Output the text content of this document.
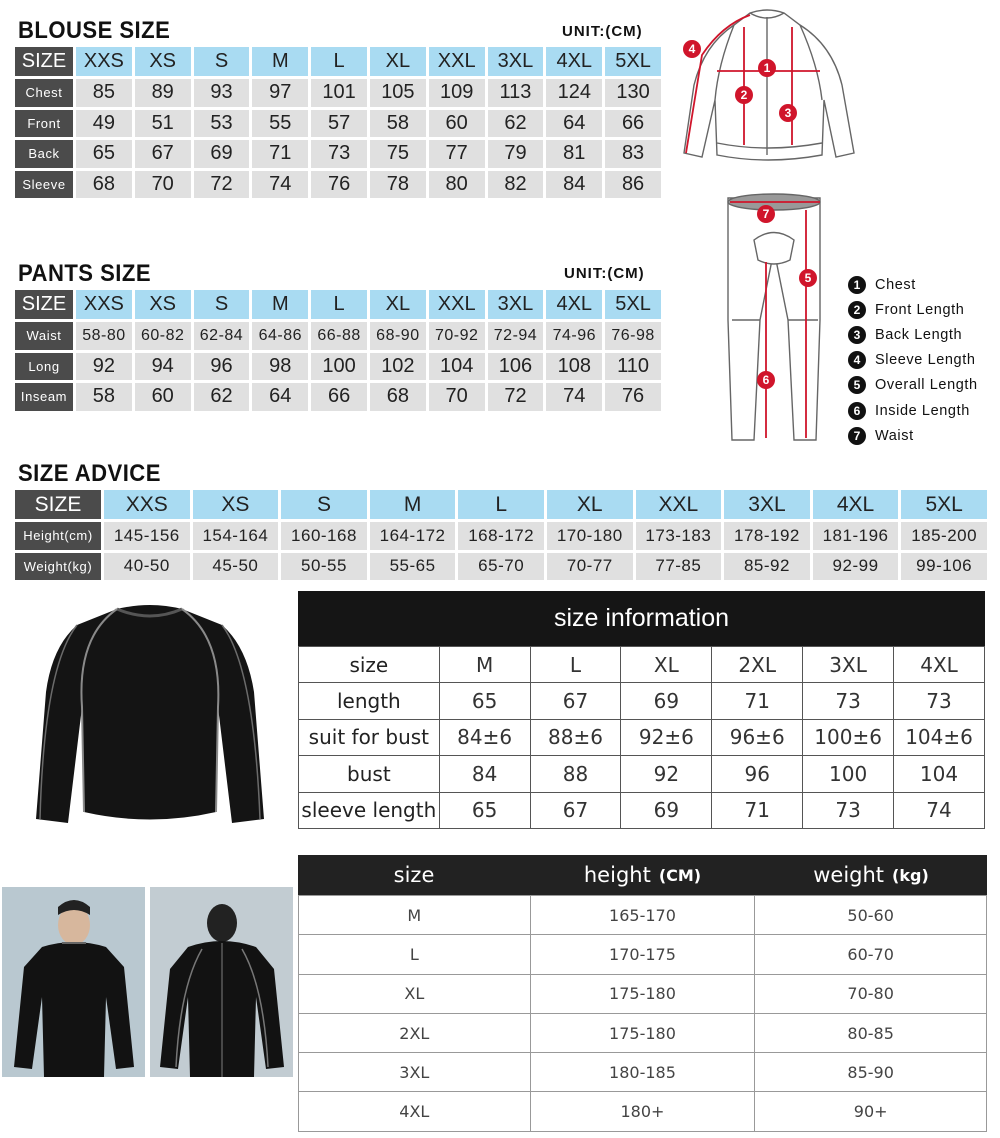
BLOUSE SIZE	UNIT:(CM)
SIZE XXS	XS	S	M	L	XL	XXL	3XL	4XL	5XL
Chest	85	89	93	97	101	105	109	113	124	130
Front	49	51	53	55	57	58	60	62	64	66
Back	65	67	69	71	73	75	77	79	81	83
Sleeve	68	70	72	74	76	78	80	82	84	86
PANTS SIZE	UNIT:(CM)
SIZE XXS	XS	S	M	L	XL	XXL	3XL	4XL	5XL
Waist	58-80 60-82 62-84 64-86 66-88 68-90 70-92 72-94 74-96 76-98
Long	92	94	96	98	100	102	104	106	108	110
Inseam	58	60	62	64	66	68	70	72	74	76
SIZE ADVICE
SIZE	XXS	XS	S	M	L	XL	XXL	3XL	4XL	5XL
Height(cm)	145-156	154-164	160-168	164-172	168-172	170-180	173-183	178-192	181-196	185-200
Weight(kg)	40-50	45-50	50-55	55-65	65-70	70-77	77-85	85-92	92-99	99-106
1
2
3
4
5
6
7
1	Chest
2	Front Length
3	Back Length
4	Sleeve Length
5	Overall Length
6	Inside Length
7	Waist
size information
size	M	L	XL	2XL	3XL	4XL
length	65	67	69	71	73	73
suit for bust	84±6	88±6	92±6	96±6	100±6	104±6
bust	84	88	92	96	100	104
sleeve length	65	67	69	71	73	74
size	height (CM)	weight (kg)
M	165-170	50-60
L	170-175	60-70
XL	175-180	70-80
2XL	175-180	80-85
3XL	180-185	85-90
4XL	180+	90+
